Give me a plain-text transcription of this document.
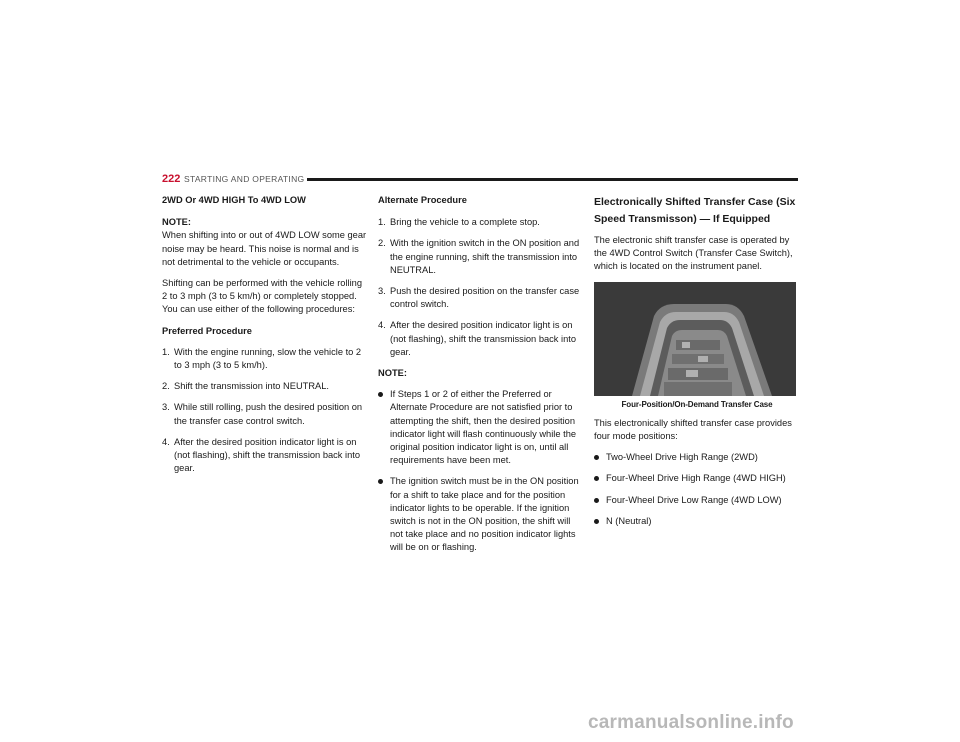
222 STARTING AND OPERATING

2WD Or 4WD HIGH To 4WD LOW

NOTE:

When shifting into or out of 4WD LOW some gear noise may be heard. This noise is normal and is not detrimental to the vehicle or occupants.

Shifting can be performed with the vehicle rolling 2 to 3 mph (3 to 5 km/h) or completely stopped. You can use either of the following procedures:

Preferred Procedure

1. With the engine running, slow the vehicle to 2 to 3 mph (3 to 5 km/h).
2. Shift the transmission into NEUTRAL.
3. While still rolling, push the desired position on the transfer case control switch.
4. After the desired position indicator light is on (not flashing), shift the transmission back into gear.

Alternate Procedure

1. Bring the vehicle to a complete stop.
2. With the ignition switch in the ON position and the engine running, shift the transmission into NEUTRAL.
3. Push the desired position on the transfer case control switch.
4. After the desired position indicator light is on (not flashing), shift the transmission back into gear.

NOTE:

If Steps 1 or 2 of either the Preferred or Alternate Procedure are not satisfied prior to attempting the shift, then the desired position indicator light will flash continuously while the original position indicator light is on, until all requirements have been met.
The ignition switch must be in the ON position for a shift to take place and for the position indicator lights to be operable. If the ignition switch is not in the ON position, the shift will not take place and no position indicator lights will be on or flashing.

Electronically Shifted Transfer Case (Six Speed Transmisson) — If Equipped

The electronic shift transfer case is operated by the 4WD Control Switch (Transfer Case Switch), which is located on the instrument panel.

Four-Position/On-Demand Transfer Case

This electronically shifted transfer case provides four mode positions:

Two-Wheel Drive High Range (2WD)
Four-Wheel Drive High Range (4WD HIGH)
Four-Wheel Drive Low Range (4WD LOW)
N (Neutral)
carmanualsonline.info
